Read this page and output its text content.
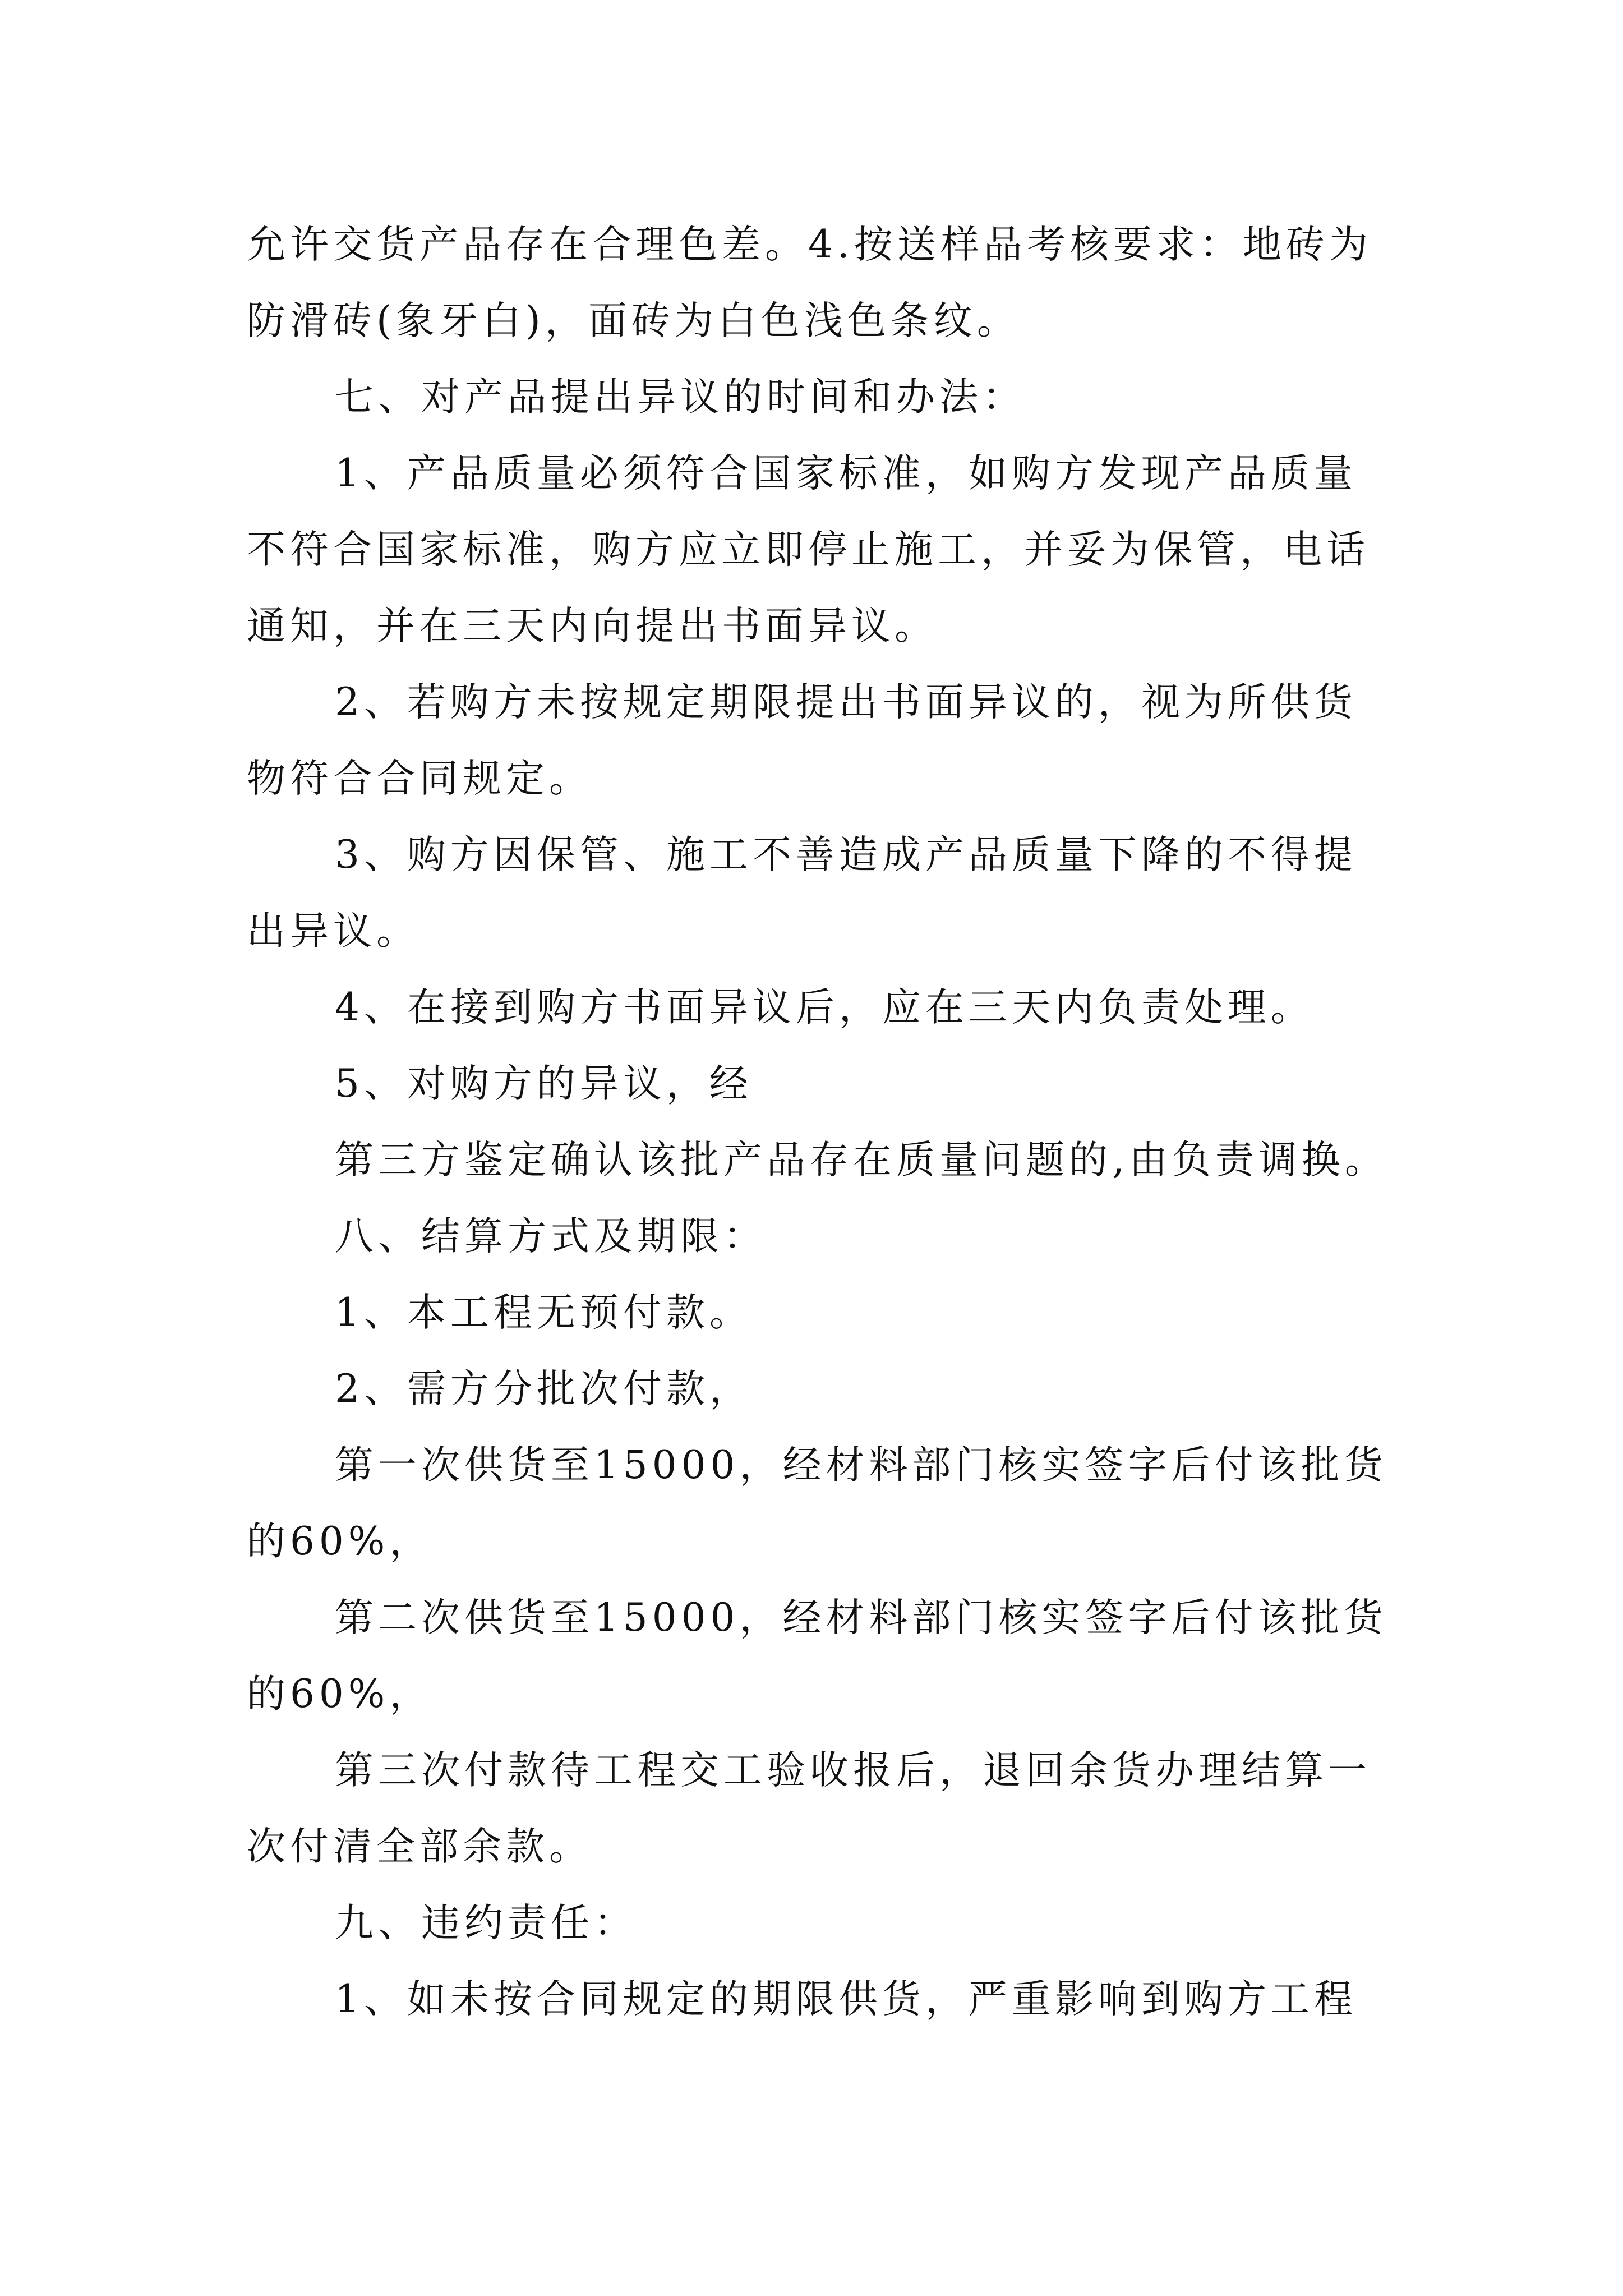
允许交货产品存在合理色差。4.按送样品考核要求：地砖为
防滑砖(象牙白)，面砖为白色浅色条纹。
七、对产品提出异议的时间和办法：
1、产品质量必须符合国家标准，如购方发现产品质量
不符合国家标准，购方应立即停止施工，并妥为保管，电话
通知，并在三天内向提出书面异议。
2、若购方未按规定期限提出书面异议的，视为所供货
物符合合同规定。
3、购方因保管、施工不善造成产品质量下降的不得提
出异议。
4、在接到购方书面异议后，应在三天内负责处理。
5、对购方的异议，经
第三方鉴定确认该批产品存在质量问题的,由负责调换。
八、结算方式及期限：
1、本工程无预付款。
2、需方分批次付款，
第一次供货至15000，经材料部门核实签字后付该批货
的60%，
第二次供货至15000，经材料部门核实签字后付该批货
的60%，
第三次付款待工程交工验收报后，退回余货办理结算一
次付清全部余款。
九、违约责任：
1、如未按合同规定的期限供货，严重影响到购方工程
